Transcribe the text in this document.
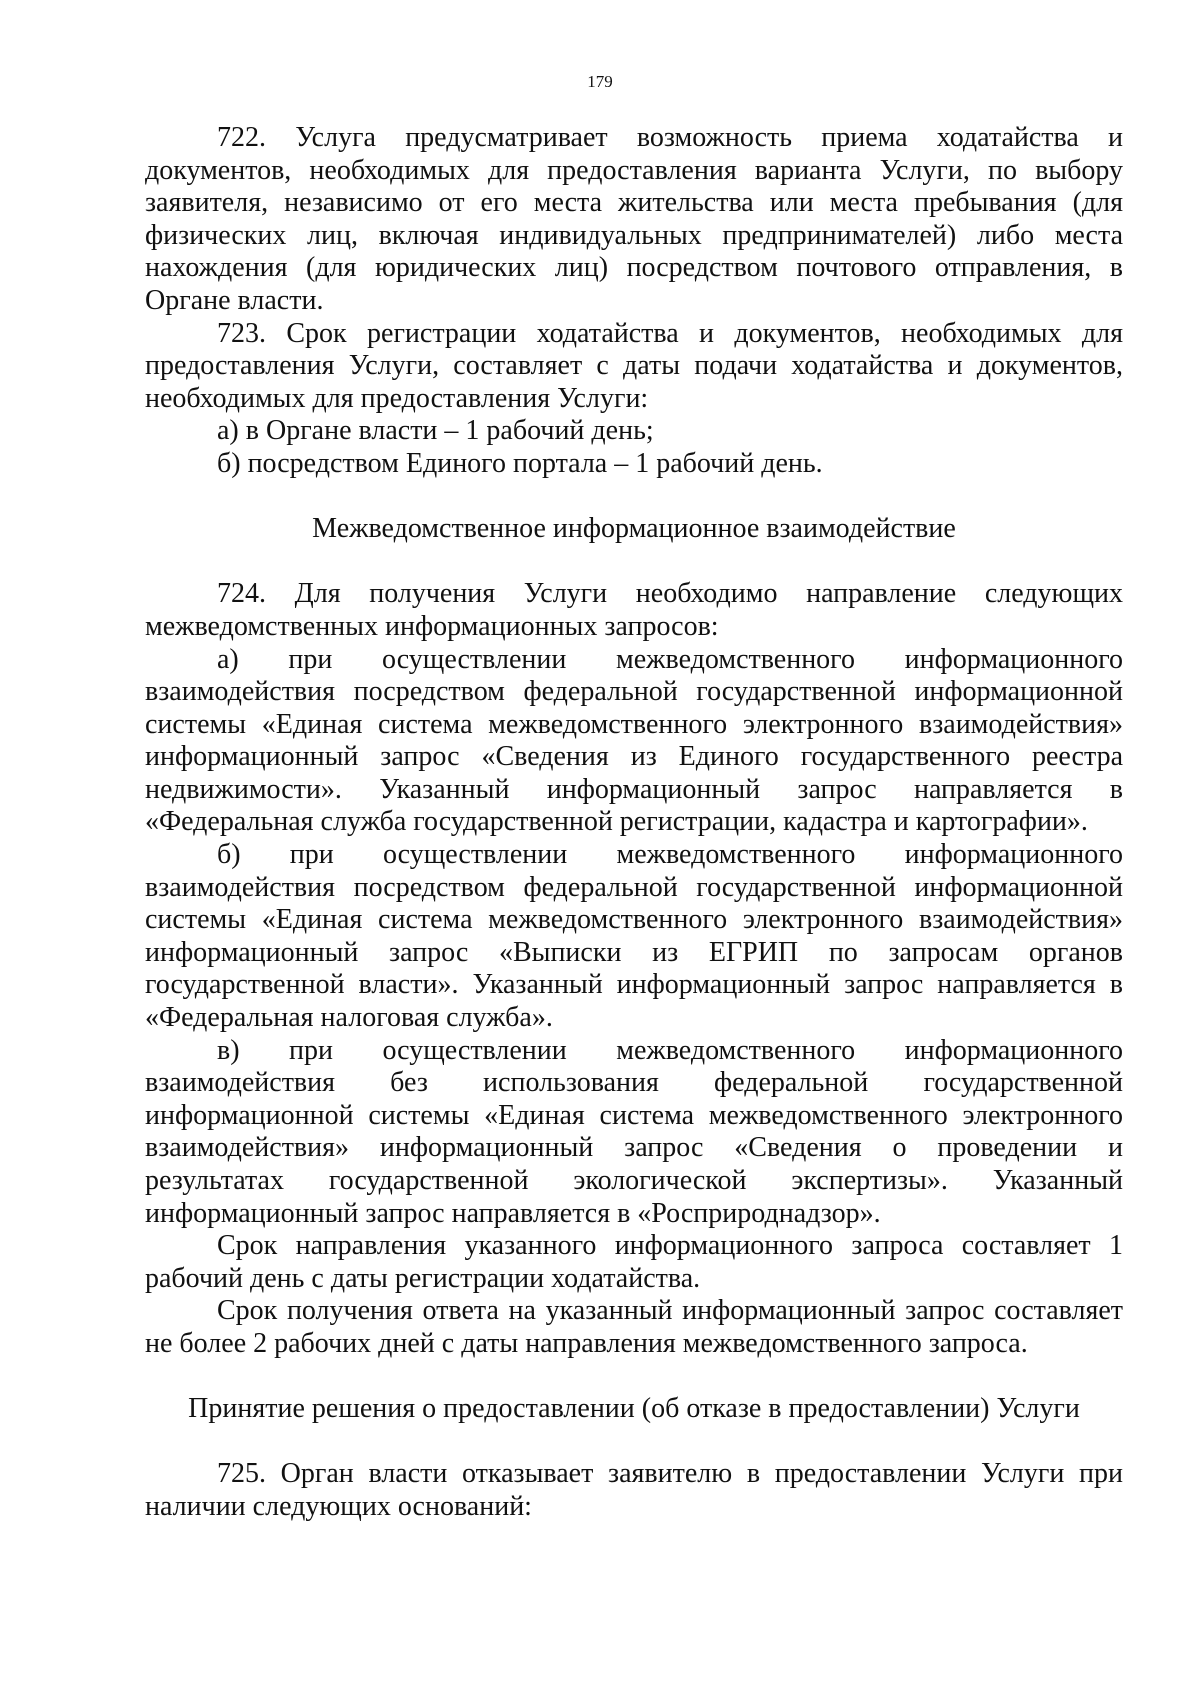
179

722. Услуга предусматривает возможность приема ходатайства и документов, необходимых для предоставления варианта Услуги, по выбору заявителя, независимо от его места жительства или места пребывания (для физических лиц, включая индивидуальных предпринимателей) либо места нахождения (для юридических лиц) посредством почтового отправления, в Органе власти.

723. Срок регистрации ходатайства и документов, необходимых для предоставления Услуги, составляет с даты подачи ходатайства и документов, необходимых для предоставления Услуги:

а) в Органе власти – 1 рабочий день;

б) посредством Единого портала – 1 рабочий день.

Межведомственное информационное взаимодействие

724. Для получения Услуги необходимо направление следующих межведомственных информационных запросов:

а) при осуществлении межведомственного информационного взаимодействия посредством федеральной государственной информационной системы «Единая система межведомственного электронного взаимодействия» информационный запрос «Сведения из Единого государственного реестра недвижимости». Указанный информационный запрос направляется в «Федеральная служба государственной регистрации, кадастра и картографии».

б) при осуществлении межведомственного информационного взаимодействия посредством федеральной государственной информационной системы «Единая система межведомственного электронного взаимодействия» информационный запрос «Выписки из ЕГРИП по запросам органов государственной власти». Указанный информационный запрос направляется в «Федеральная налоговая служба».

в) при осуществлении межведомственного информационного взаимодействия без использования федеральной государственной информационной системы «Единая система межведомственного электронного взаимодействия» информационный запрос «Сведения о проведении и результатах государственной экологической экспертизы». Указанный информационный запрос направляется в «Росприроднадзор».

Срок направления указанного информационного запроса составляет 1 рабочий день с даты регистрации ходатайства.

Срок получения ответа на указанный информационный запрос составляет не более 2 рабочих дней с даты направления межведомственного запроса.

Принятие решения о предоставлении (об отказе в предоставлении) Услуги

725. Орган власти отказывает заявителю в предоставлении Услуги при наличии следующих оснований:
